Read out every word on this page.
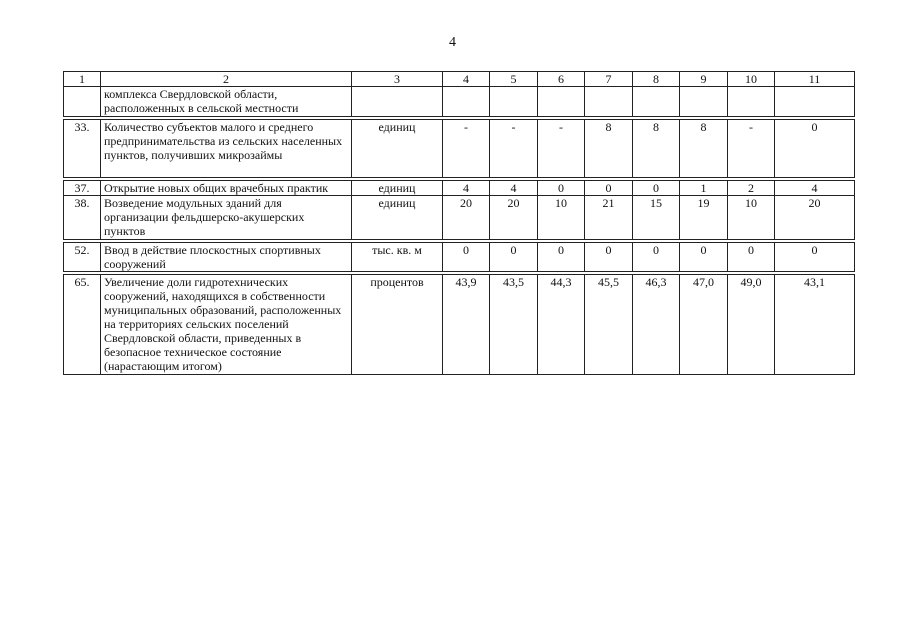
4
1	2	3	4	5	6	7	8	9	10	11
	комплекса Свердловской области, расположенных в сельской местности									

33.	Количество субъектов малого и среднего предпринимательства из сельских населенных пунктов, получивших микрозаймы	единиц	-	-	-	8	8	8	-	0

37.	Открытие новых общих врачебных практик	единиц	4	4	0	0	0	1	2	4
38.	Возведение модульных зданий для организации фельдшерско-акушерских пунктов	единиц	20	20	10	21	15	19	10	20

52.	Ввод в действие плоскостных спортивных сооружений	тыс. кв. м	0	0	0	0	0	0	0	0

65.	Увеличение доли гидротехнических сооружений, находящихся в собственности муниципальных образований, расположенных на территориях сельских поселений Свердловской области, приведенных в безопасное техническое состояние (нарастающим итогом)	процентов	43,9	43,5	44,3	45,5	46,3	47,0	49,0	43,1
